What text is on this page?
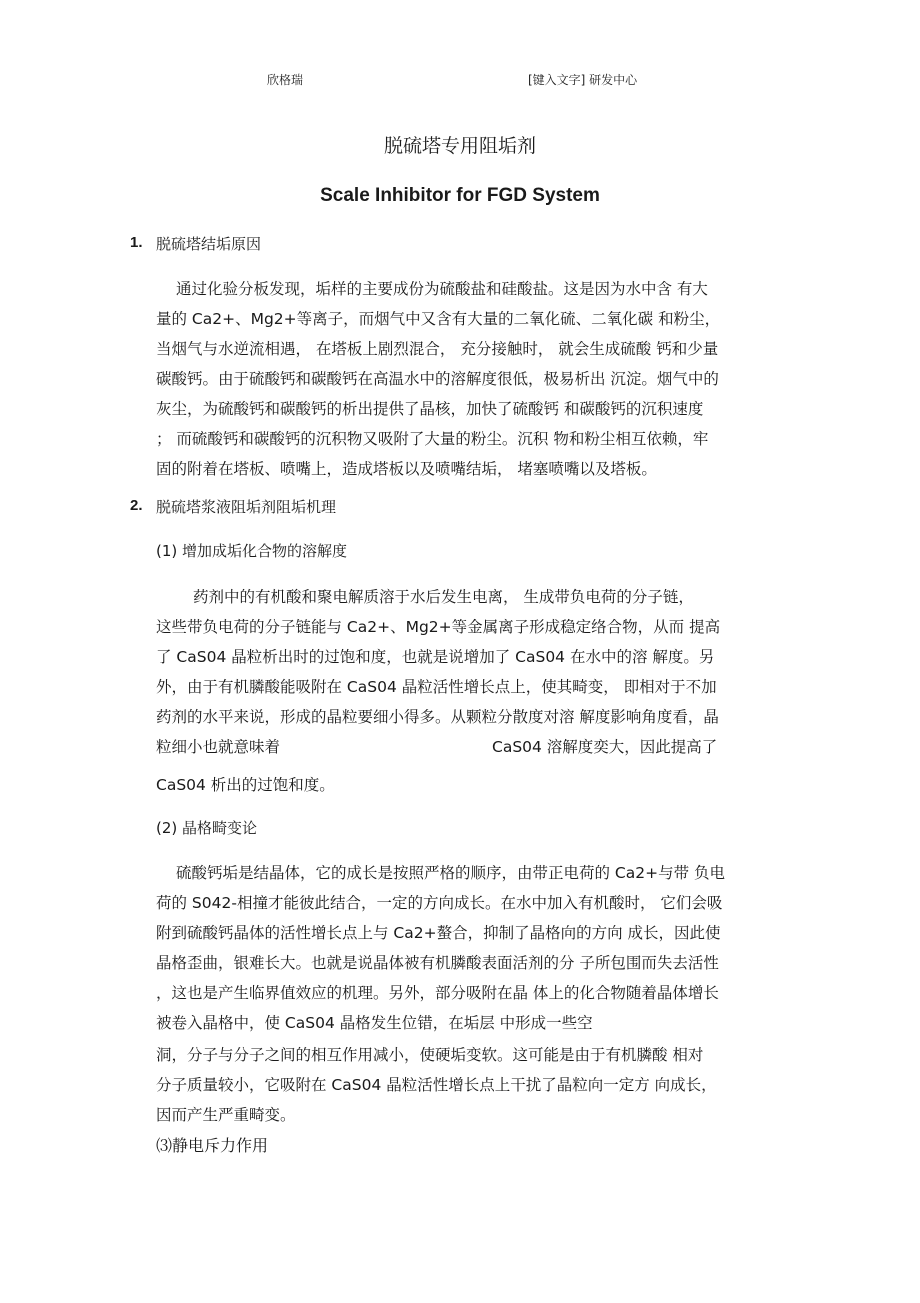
欣格瑞	[键入文字] 研发中心
脱硫塔专用阻垢剂
Scale Inhibitor for FGD System
1. 脱硫塔结垢原因
通过化验分板发现，垢样的主要成份为硫酸盐和硅酸盐。这是因为水中含 有大
量的 Ca2+、Mg2+等离子，而烟气中又含有大量的二氧化硫、二氧化碳 和粉尘，
当烟气与水逆流相遇， 在塔板上剧烈混合， 充分接触时， 就会生成硫酸 钙和少量
碳酸钙。由于硫酸钙和碳酸钙在高温水中的溶解度很低，极易析出 沉淀。烟气中的
灰尘，为硫酸钙和碳酸钙的析出提供了晶核，加快了硫酸钙 和碳酸钙的沉积速度
； 而硫酸钙和碳酸钙的沉积物又吸附了大量的粉尘。沉积 物和粉尘相互依赖，牢
固的附着在塔板、喷嘴上，造成塔板以及喷嘴结垢， 堵塞喷嘴以及塔板。
2. 脱硫塔浆液阻垢剂阻垢机理
(1) 增加成垢化合物的溶解度
药剂中的有机酸和聚电解质溶于水后发生电离， 生成带负电荷的分子链，
这些带负电荷的分子链能与 Ca2+、Mg2+等金属离子形成稳定络合物，从而 提高
了 CaS04 晶粒析出时的过饱和度，也就是说增加了 CaS04 在水中的溶 解度。另
外，由于有机膦酸能吸附在 CaS04 晶粒活性增长点上，使其畸变， 即相对于不加
药剂的水平来说，形成的晶粒要细小得多。从颗粒分散度对溶 解度影响角度看，晶
粒细小也就意味着	CaS04 溶解度奕大，因此提高了
CaS04 析出的过饱和度。
(2) 晶格畸变论
硫酸钙垢是结晶体，它的成长是按照严格的顺序，由带正电荷的 Ca2+与带 负电
荷的 S042-相撞才能彼此结合，一定的方向成长。在水中加入有机酸时， 它们会吸
附到硫酸钙晶体的活性增长点上与 Ca2+螯合，抑制了晶格向的方向 成长，因此使
晶格歪曲，银难长大。也就是说晶体被有机膦酸表面活剂的分 子所包围而失去活性
，这也是产生临界值效应的机理。另外，部分吸附在晶 体上的化合物随着晶体增长
被卷入晶格中，使 CaS04 晶格发生位错，在垢层 中形成一些空
洞，分子与分子之间的相互作用减小，使硬垢变软。这可能是由于有机膦酸 相对
分子质量较小，它吸附在 CaS04 晶粒活性增长点上干扰了晶粒向一定方 向成长，
因而产生严重畸变。
⑶静电斥力作用
